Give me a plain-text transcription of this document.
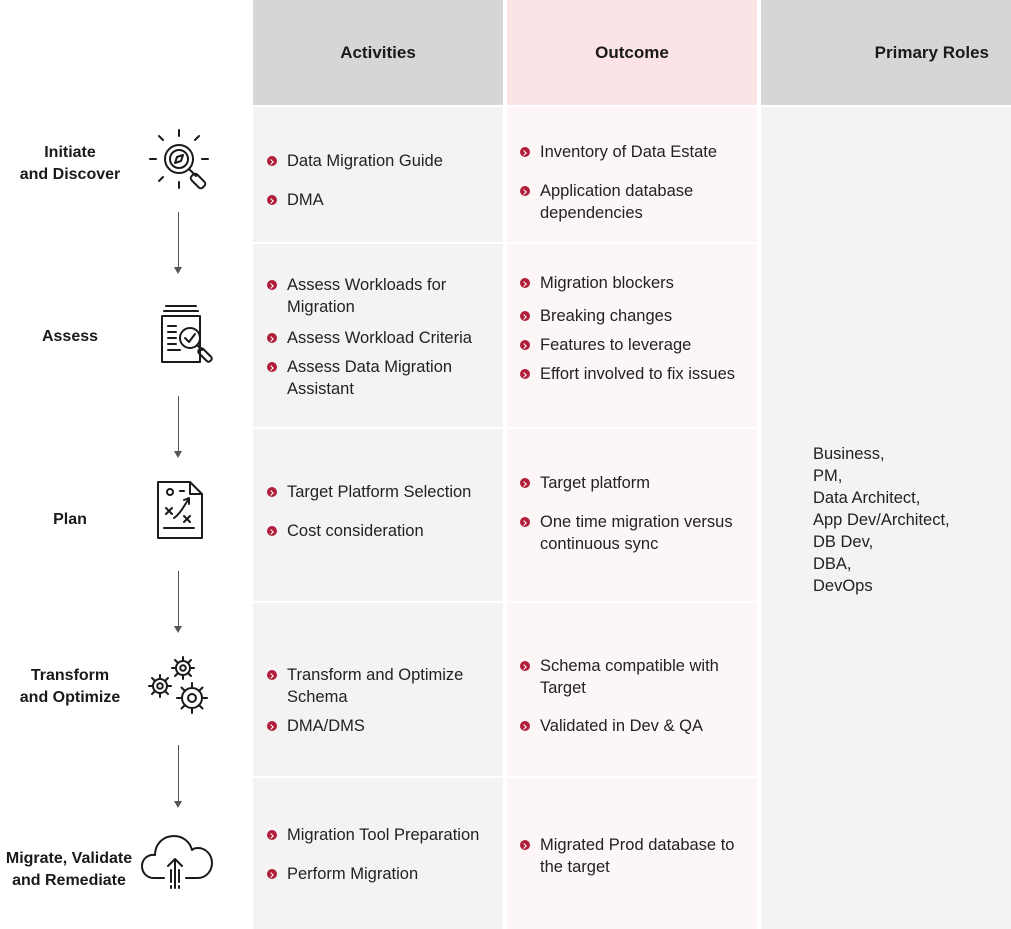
Activities	Outcome	Primary Roles
Initiate
and Discover
Data Migration Guide
DMA
Inventory of Data Estate
Application database dependencies
Assess
Assess Workloads for Migration
Assess Workload Criteria
Assess Data Migration Assistant
Migration blockers
Breaking changes
Features to leverage
Effort involved to fix issues
Plan
Target Platform Selection
Cost consideration
Target platform
One time migration versus continuous sync
Transform
and Optimize
Transform and Optimize Schema
DMA/DMS
Schema compatible with Target
Validated in Dev & QA
Migrate, Validate
and Remediate
Migration Tool Preparation
Perform Migration
Migrated Prod database to the target
Business,
PM,
Data Architect,
App Dev/Architect,
DB Dev,
DBA,
DevOps
